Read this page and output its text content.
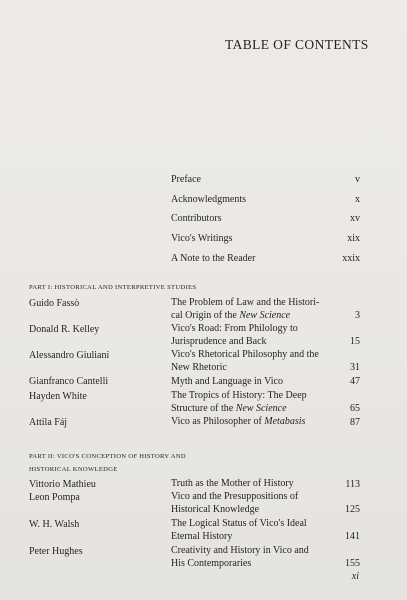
TABLE OF CONTENTS
Preface	v
Acknowledgments	x
Contributors	xv
Vico's Writings	xix
A Note to the Reader	xxix
PART I: HISTORICAL AND INTERPRETIVE STUDIES
Guido Fassò	The Problem of Law and the Histori-
cal Origin of the New Science	3
Donald R. Kelley	Vico's Road: From Philology to
Jurisprudence and Back	15
Alessandro Giuliani	Vico's Rhetorical Philosophy and the
New Rhetoric	31
Gianfranco Cantelli	Myth and Language in Vico	47
Hayden White	The Tropics of History: The Deep
Structure of the New Science	65
Attila Fáj	Vico as Philosopher of Metabasis	87
PART II: VICO'S CONCEPTION OF HISTORY AND
HISTORICAL KNOWLEDGE
Vittorio Mathieu	Truth as the Mother of History	113
Leon Pompa	Vico and the Presuppositions of
Historical Knowledge	125
W. H. Walsh	The Logical Status of Vico's Ideal
Eternal History	141
Peter Hughes	Creativity and History in Vico and
His Contemporaries	155
xi
